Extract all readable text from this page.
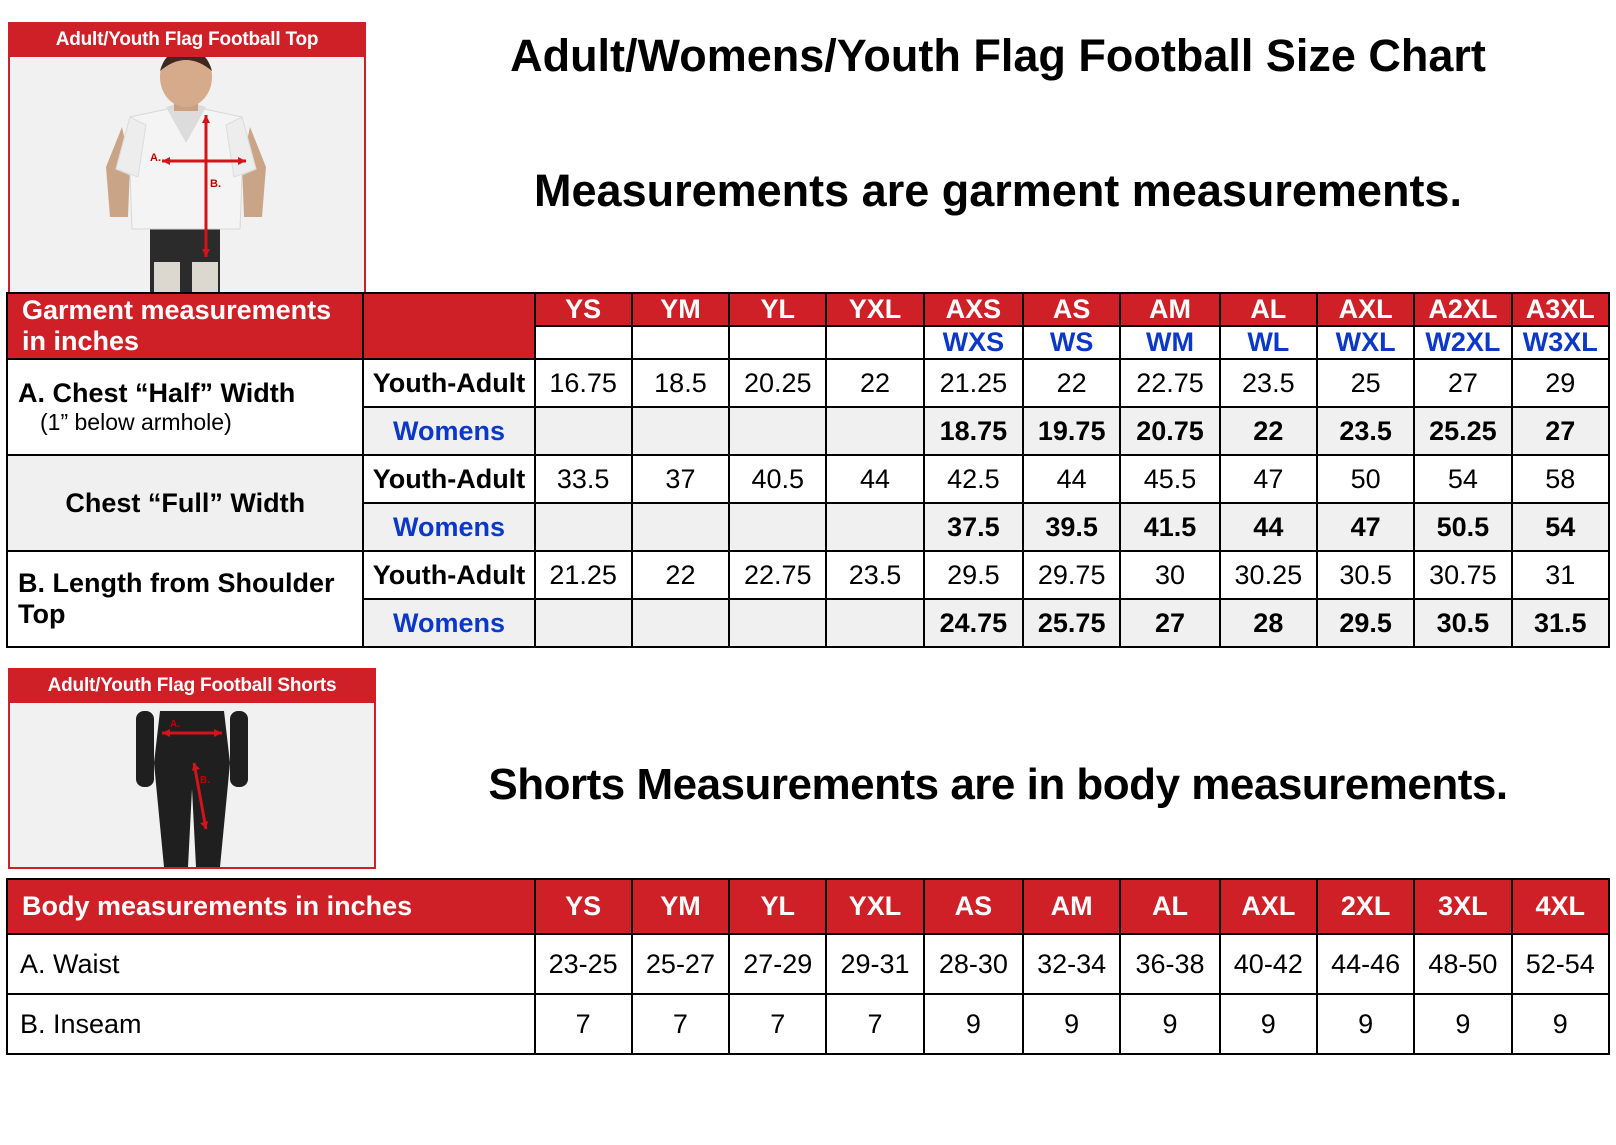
Adult/Youth Flag Football Top
A.
B.
Adult/Womens/Youth Flag Football Size Chart
Measurements are garment measurements.
Shorts Measurements are in body measurements.
Garment measurements in inches		YS	YM	YL	YXL	AXS	AS	AM	AL	AXL	A2XL	A3XL
						WXS	WS	WM	WL	WXL	W2XL	W3XL

A. Chest “Half” Width
(1” below armhole)	Youth-Adult	16.75	18.5	20.25	22	21.25	22	22.75	23.5	25	27	29
	Womens					18.75	19.75	20.75	22	23.5	25.25	27
Chest “Full” Width	Youth-Adult	33.5	37	40.5	44	42.5	44	45.5	47	50	54	58
	Womens					37.5	39.5	41.5	44	47	50.5	54
B. Length from Shoulder Top	Youth-Adult	21.25	22	22.75	23.5	29.5	29.75	30	30.25	30.5	30.75	31
	Womens					24.75	25.75	27	28	29.5	30.5	31.5
Adult/Youth Flag Football Shorts
A.
B.
Body measurements in inches	YS	YM	YL	YXL	AS	AM	AL	AXL	2XL	3XL	4XL
A. Waist	23-25	25-27	27-29	29-31	28-30	32-34	36-38	40-42	44-46	48-50	52-54
B. Inseam	7	7	7	7	9	9	9	9	9	9	9
